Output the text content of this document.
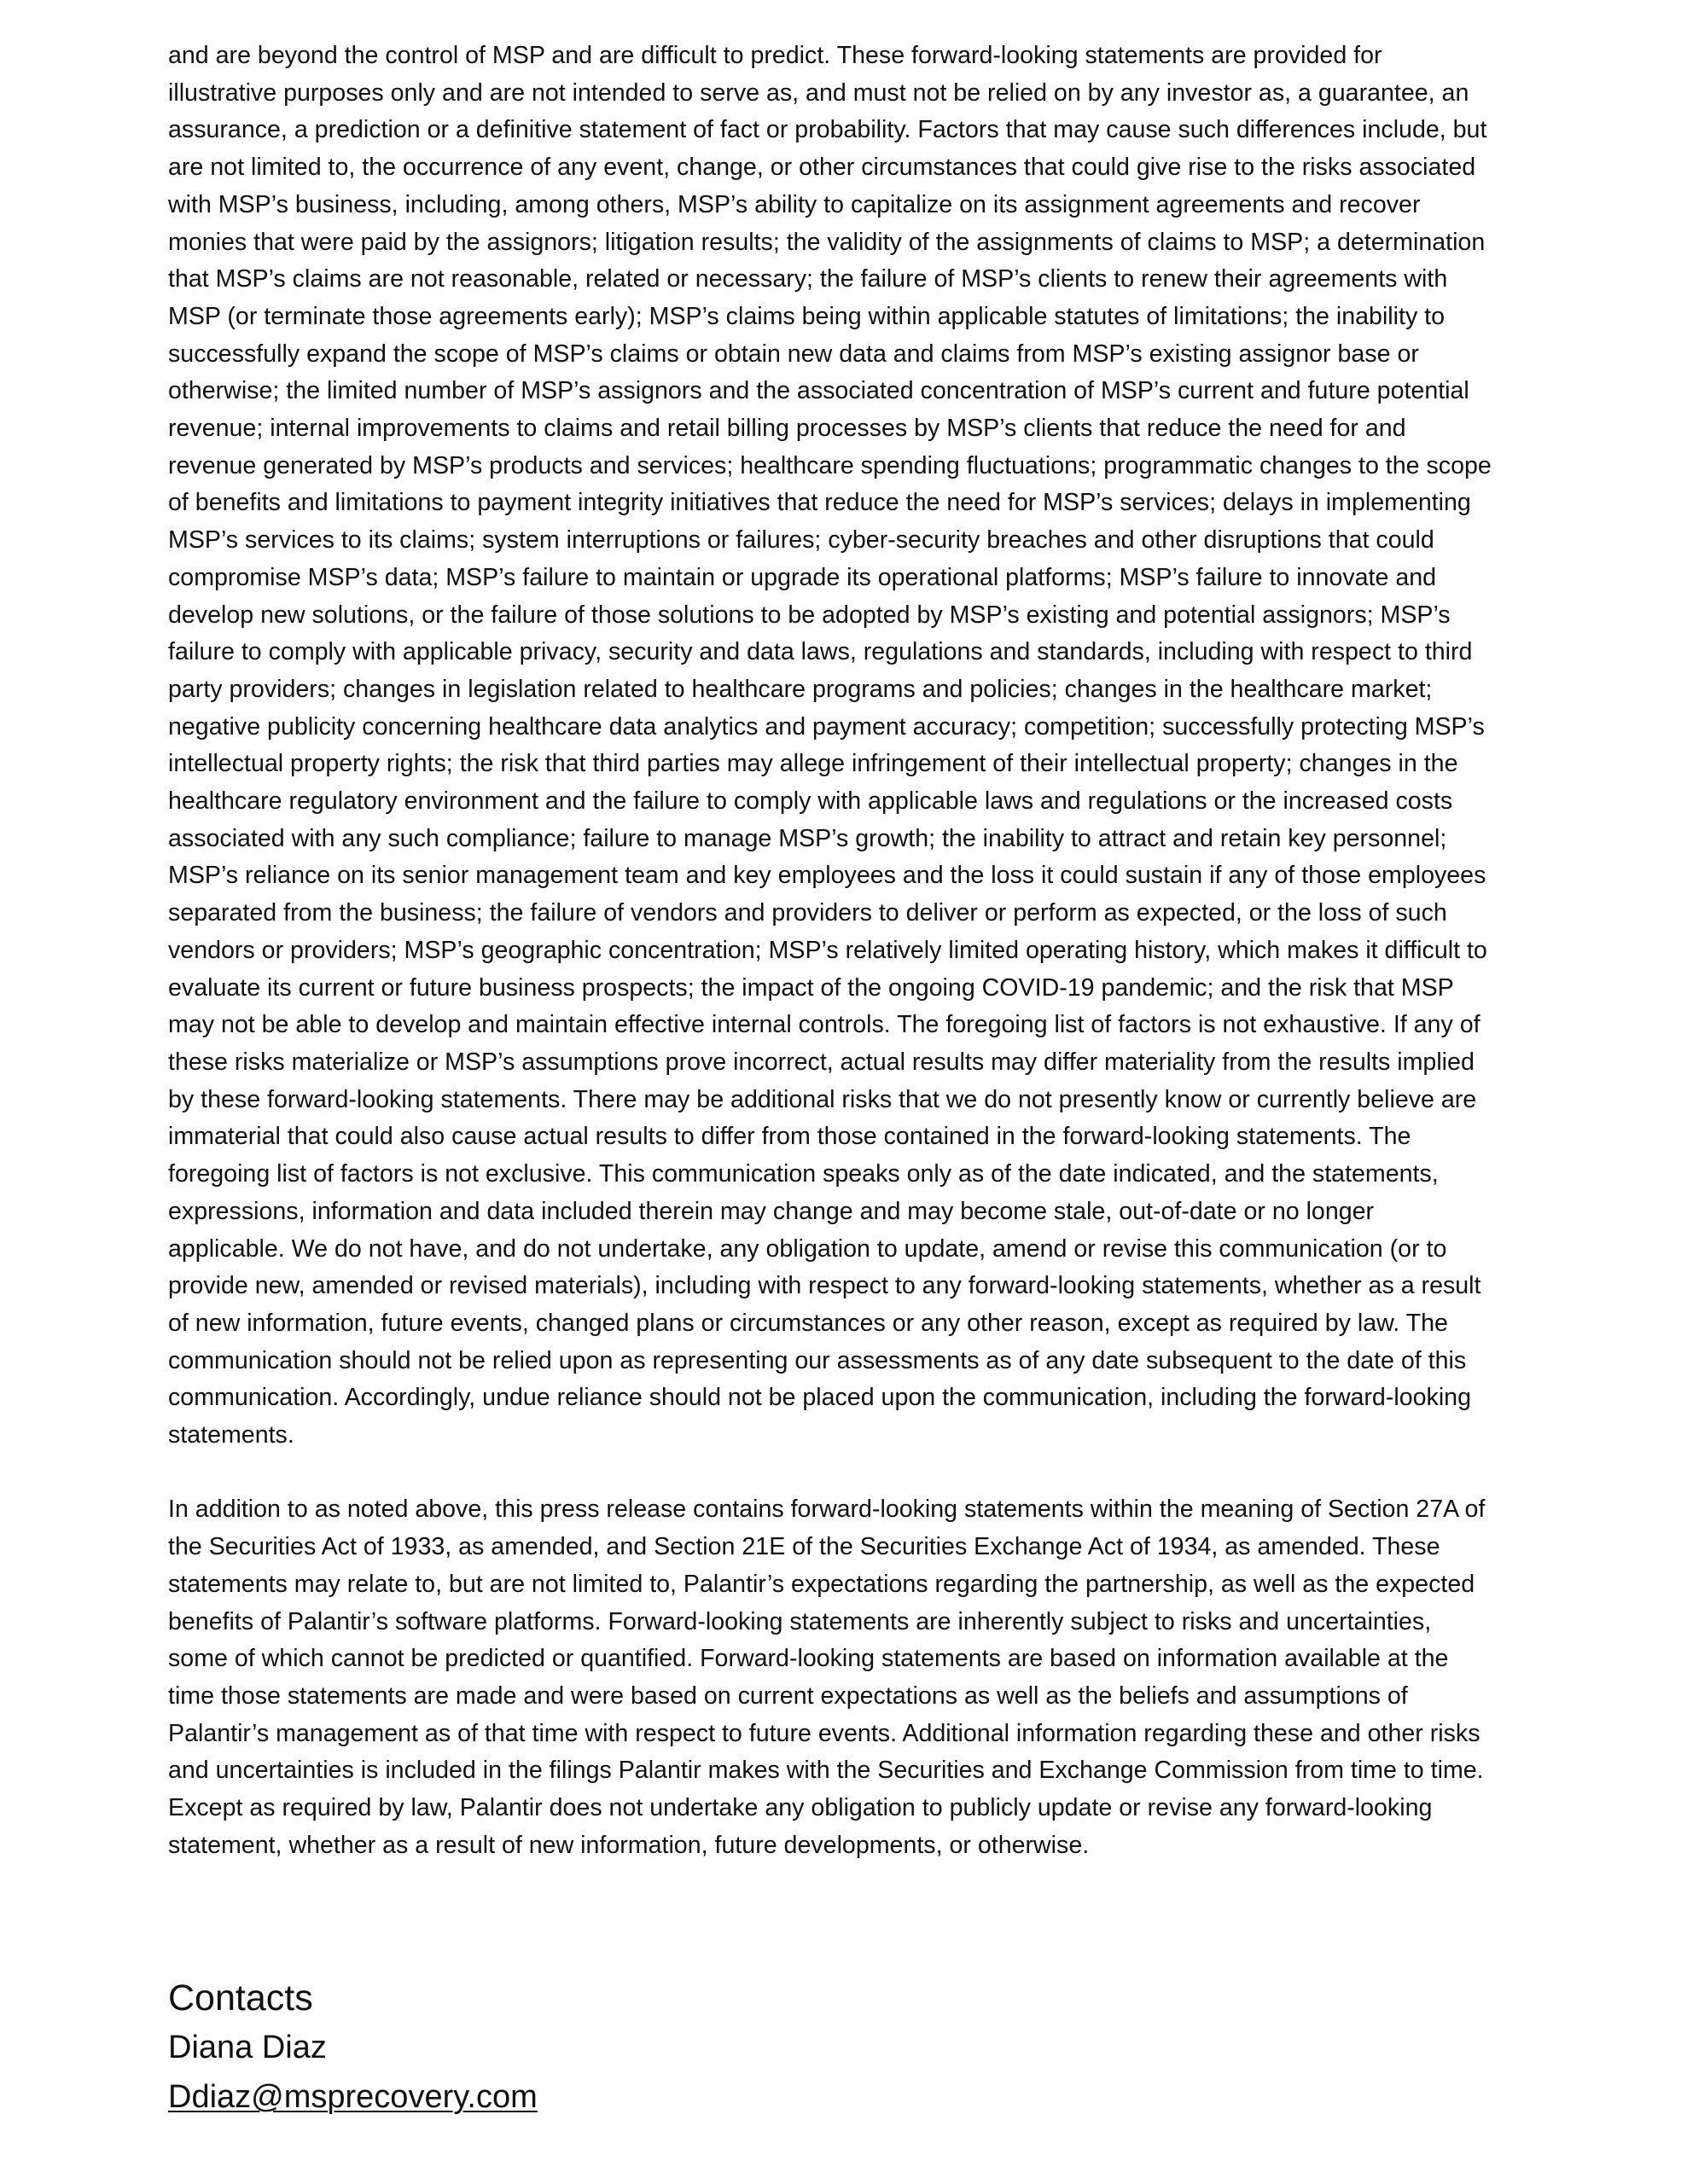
and are beyond the control of MSP and are difficult to predict. These forward-looking statements are provided for
illustrative purposes only and are not intended to serve as, and must not be relied on by any investor as, a guarantee, an
assurance, a prediction or a definitive statement of fact or probability. Factors that may cause such differences include, but
are not limited to, the occurrence of any event, change, or other circumstances that could give rise to the risks associated
with MSP’s business, including, among others, MSP’s ability to capitalize on its assignment agreements and recover
monies that were paid by the assignors; litigation results; the validity of the assignments of claims to MSP; a determination
that MSP’s claims are not reasonable, related or necessary; the failure of MSP’s clients to renew their agreements with
MSP (or terminate those agreements early); MSP’s claims being within applicable statutes of limitations; the inability to
successfully expand the scope of MSP’s claims or obtain new data and claims from MSP’s existing assignor base or
otherwise; the limited number of MSP’s assignors and the associated concentration of MSP’s current and future potential
revenue; internal improvements to claims and retail billing processes by MSP’s clients that reduce the need for and
revenue generated by MSP’s products and services; healthcare spending fluctuations; programmatic changes to the scope
of benefits and limitations to payment integrity initiatives that reduce the need for MSP’s services; delays in implementing
MSP’s services to its claims; system interruptions or failures; cyber-security breaches and other disruptions that could
compromise MSP’s data; MSP’s failure to maintain or upgrade its operational platforms; MSP’s failure to innovate and
develop new solutions, or the failure of those solutions to be adopted by MSP’s existing and potential assignors; MSP’s
failure to comply with applicable privacy, security and data laws, regulations and standards, including with respect to third
party providers; changes in legislation related to healthcare programs and policies; changes in the healthcare market;
negative publicity concerning healthcare data analytics and payment accuracy; competition; successfully protecting MSP’s
intellectual property rights; the risk that third parties may allege infringement of their intellectual property; changes in the
healthcare regulatory environment and the failure to comply with applicable laws and regulations or the increased costs
associated with any such compliance; failure to manage MSP’s growth; the inability to attract and retain key personnel;
MSP’s reliance on its senior management team and key employees and the loss it could sustain if any of those employees
separated from the business; the failure of vendors and providers to deliver or perform as expected, or the loss of such
vendors or providers; MSP’s geographic concentration; MSP’s relatively limited operating history, which makes it difficult to
evaluate its current or future business prospects; the impact of the ongoing COVID-19 pandemic; and the risk that MSP
may not be able to develop and maintain effective internal controls. The foregoing list of factors is not exhaustive. If any of
these risks materialize or MSP’s assumptions prove incorrect, actual results may differ materiality from the results implied
by these forward-looking statements. There may be additional risks that we do not presently know or currently believe are
immaterial that could also cause actual results to differ from those contained in the forward-looking statements. The
foregoing list of factors is not exclusive. This communication speaks only as of the date indicated, and the statements,
expressions, information and data included therein may change and may become stale, out-of-date or no longer
applicable. We do not have, and do not undertake, any obligation to update, amend or revise this communication (or to
provide new, amended or revised materials), including with respect to any forward-looking statements, whether as a result
of new information, future events, changed plans or circumstances or any other reason, except as required by law. The
communication should not be relied upon as representing our assessments as of any date subsequent to the date of this
communication. Accordingly, undue reliance should not be placed upon the communication, including the forward-looking
statements.

In addition to as noted above, this press release contains forward-looking statements within the meaning of Section 27A of
the Securities Act of 1933, as amended, and Section 21E of the Securities Exchange Act of 1934, as amended. These
statements may relate to, but are not limited to, Palantir’s expectations regarding the partnership, as well as the expected
benefits of Palantir’s software platforms. Forward-looking statements are inherently subject to risks and uncertainties,
some of which cannot be predicted or quantified. Forward-looking statements are based on information available at the
time those statements are made and were based on current expectations as well as the beliefs and assumptions of
Palantir’s management as of that time with respect to future events. Additional information regarding these and other risks
and uncertainties is included in the filings Palantir makes with the Securities and Exchange Commission from time to time.
Except as required by law, Palantir does not undertake any obligation to publicly update or revise any forward-looking
statement, whether as a result of new information, future developments, or otherwise.

Contacts
Diana Diaz
Ddiaz@msprecovery.com
